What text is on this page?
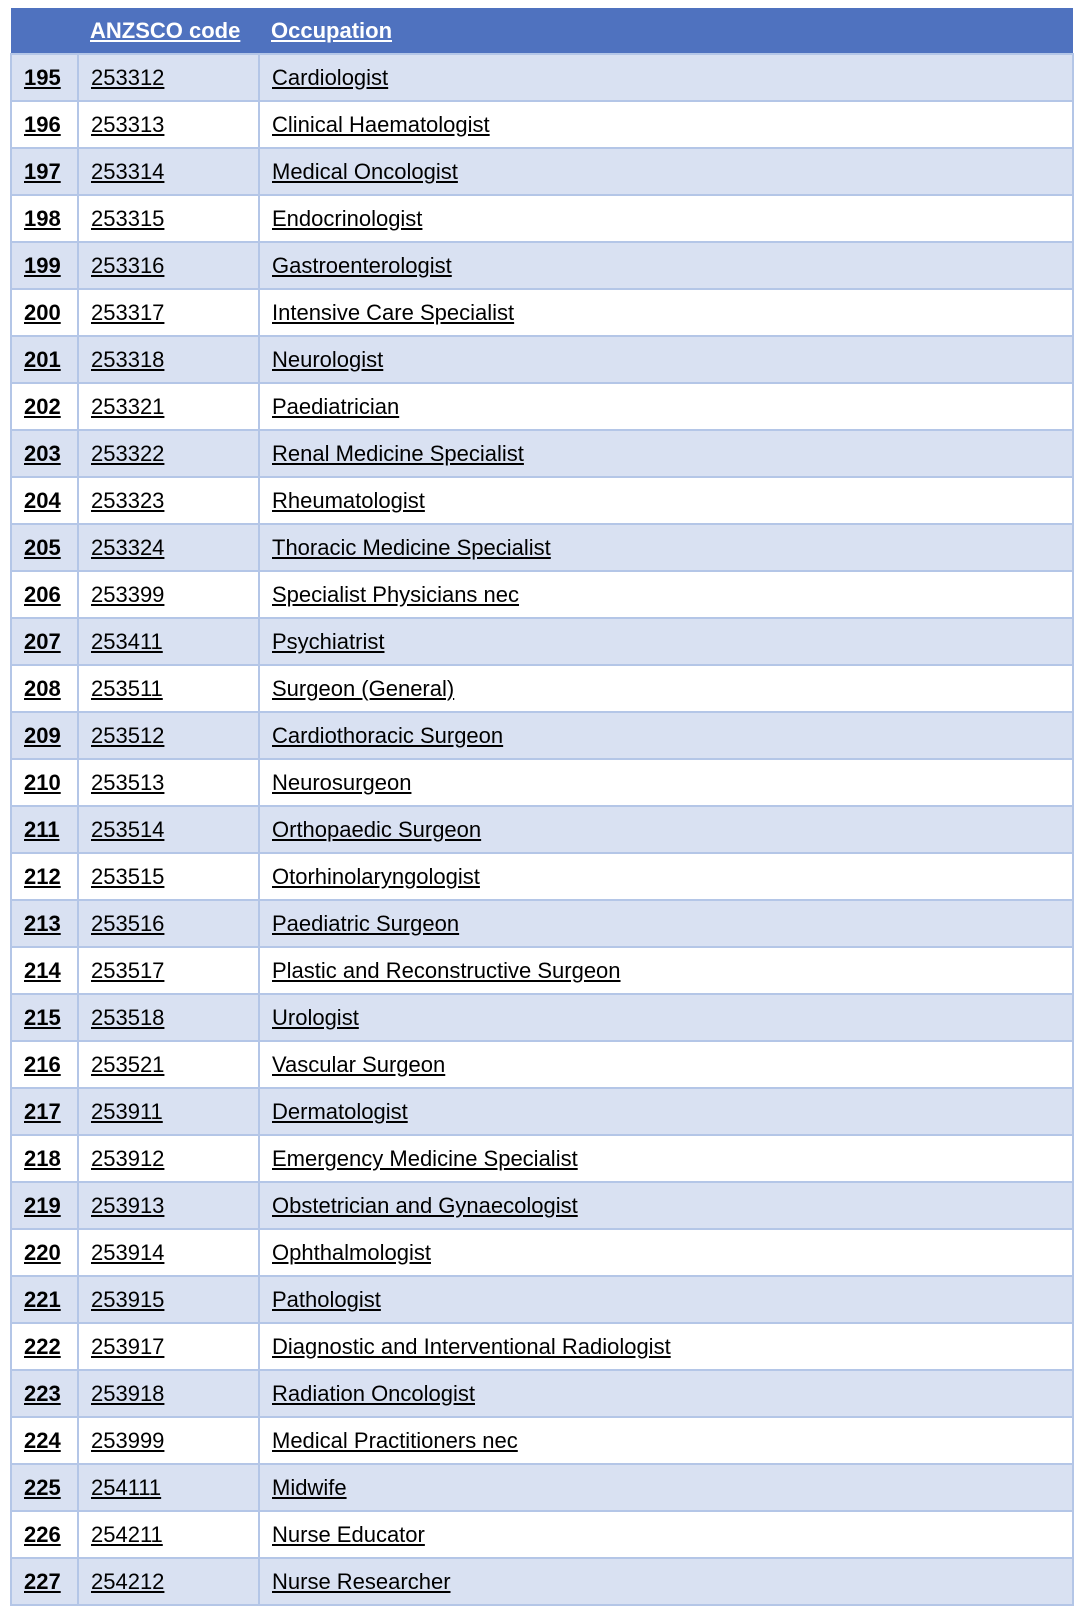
	ANZSCO code	Occupation
195	253312	Cardiologist
196	253313	Clinical Haematologist
197	253314	Medical Oncologist
198	253315	Endocrinologist
199	253316	Gastroenterologist
200	253317	Intensive Care Specialist
201	253318	Neurologist
202	253321	Paediatrician
203	253322	Renal Medicine Specialist
204	253323	Rheumatologist
205	253324	Thoracic Medicine Specialist
206	253399	Specialist Physicians nec
207	253411	Psychiatrist
208	253511	Surgeon (General)
209	253512	Cardiothoracic Surgeon
210	253513	Neurosurgeon
211	253514	Orthopaedic Surgeon
212	253515	Otorhinolaryngologist
213	253516	Paediatric Surgeon
214	253517	Plastic and Reconstructive Surgeon
215	253518	Urologist
216	253521	Vascular Surgeon
217	253911	Dermatologist
218	253912	Emergency Medicine Specialist
219	253913	Obstetrician and Gynaecologist
220	253914	Ophthalmologist
221	253915	Pathologist
222	253917	Diagnostic and Interventional Radiologist
223	253918	Radiation Oncologist
224	253999	Medical Practitioners nec
225	254111	Midwife
226	254211	Nurse Educator
227	254212	Nurse Researcher
